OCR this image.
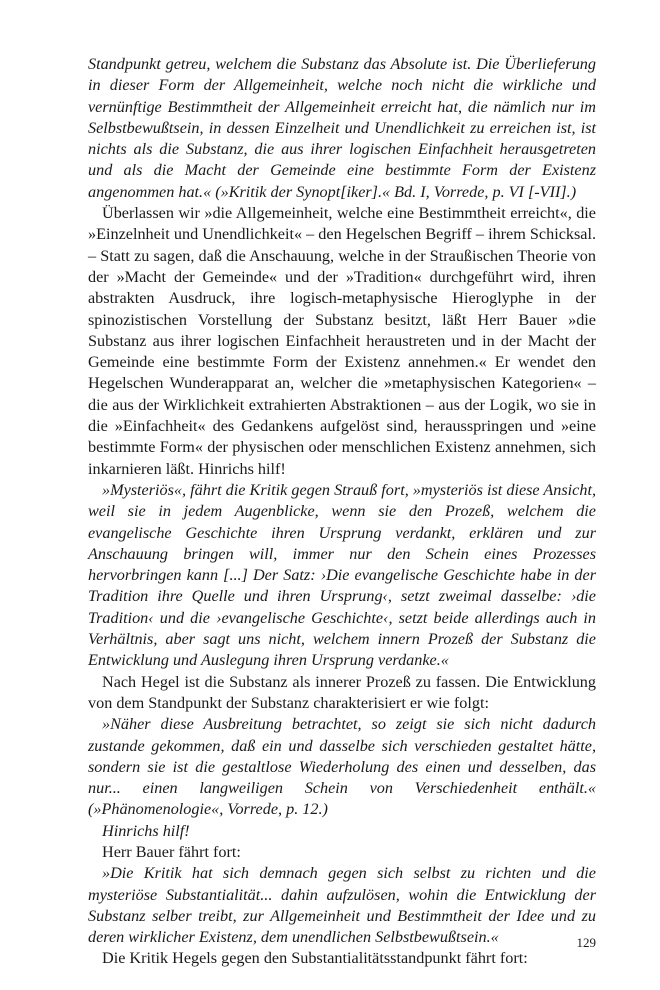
Standpunkt getreu, welchem die Substanz das Absolute ist. Die Überlieferung in dieser Form der Allgemeinheit, welche noch nicht die wirkliche und vernünftige Bestimmtheit der Allgemeinheit erreicht hat, die nämlich nur im Selbstbewußtsein, in dessen Einzelheit und Unendlichkeit zu erreichen ist, ist nichts als die Substanz, die aus ihrer logischen Einfachheit herausgetreten und als die Macht der Gemeinde eine bestimmte Form der Existenz angenommen hat.« (»Kritik der Synopt[iker].« Bd. I, Vorrede, p. VI [-VII].)

Überlassen wir »die Allgemeinheit, welche eine Bestimmtheit erreicht«, die »Einzelnheit und Unendlichkeit« – den Hegelschen Begriff – ihrem Schicksal. – Statt zu sagen, daß die Anschauung, welche in der Straußischen Theorie von der »Macht der Gemeinde« und der »Tradition« durchgeführt wird, ihren abstrakten Ausdruck, ihre logisch-metaphysische Hieroglyphe in der spinozistischen Vorstellung der Substanz besitzt, läßt Herr Bauer »die Substanz aus ihrer logischen Einfachheit heraustreten und in der Macht der Gemeinde eine bestimmte Form der Existenz annehmen.« Er wendet den Hegelschen Wunderapparat an, welcher die »metaphysischen Kategorien« – die aus der Wirklichkeit extrahierten Abstraktionen – aus der Logik, wo sie in die »Einfachheit« des Gedankens aufgelöst sind, herausspringen und »eine bestimmte Form« der physischen oder menschlichen Existenz annehmen, sich inkarnieren läßt. Hinrichs hilf!

»Mysteriös«, fährt die Kritik gegen Strauß fort, »mysteriös ist diese Ansicht, weil sie in jedem Augenblicke, wenn sie den Prozeß, welchem die evangelische Geschichte ihren Ursprung verdankt, erklären und zur Anschauung bringen will, immer nur den Schein eines Prozesses hervorbringen kann [...] Der Satz: ›Die evangelische Geschichte habe in der Tradition ihre Quelle und ihren Ursprung‹, setzt zweimal dasselbe: ›die Tradition‹ und die ›evangelische Geschichte‹, setzt beide allerdings auch in Verhältnis, aber sagt uns nicht, welchem innern Prozeß der Substanz die Entwicklung und Auslegung ihren Ursprung verdanke.«

Nach Hegel ist die Substanz als innerer Prozeß zu fassen. Die Entwicklung von dem Standpunkt der Substanz charakterisiert er wie folgt:

»Näher diese Ausbreitung betrachtet, so zeigt sie sich nicht dadurch zustande gekommen, daß ein und dasselbe sich verschieden gestaltet hätte, sondern sie ist die gestaltlose Wiederholung des einen und desselben, das nur... einen langweiligen Schein von Verschiedenheit enthält.« (»Phänomenologie«, Vorrede, p. 12.)

Hinrichs hilf!

Herr Bauer fährt fort:

»Die Kritik hat sich demnach gegen sich selbst zu richten und die mysteriöse Substantialität... dahin aufzulösen, wohin die Entwicklung der Substanz selber treibt, zur Allgemeinheit und Bestimmtheit der Idee und zu deren wirklicher Existenz, dem unendlichen Selbstbewußtsein.«

Die Kritik Hegels gegen den Substantialitätsstandpunkt fährt fort:

129
